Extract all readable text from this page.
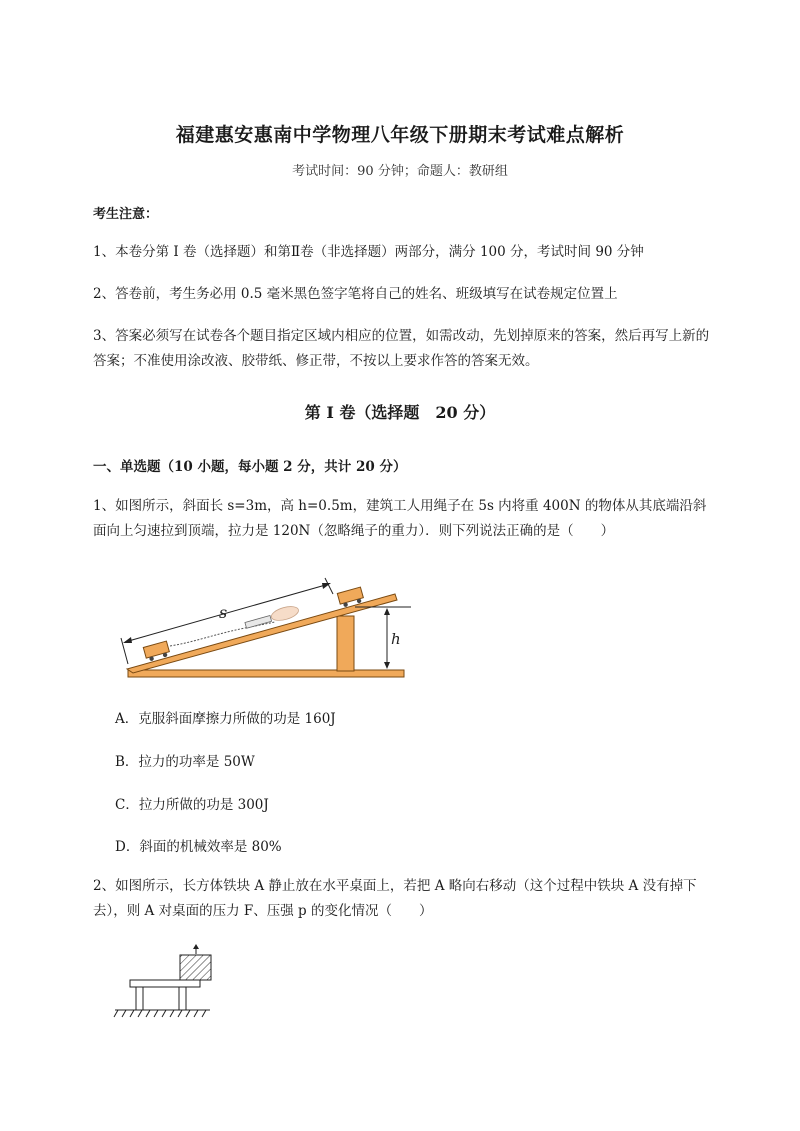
福建惠安惠南中学物理八年级下册期末考试难点解析
考试时间：90 分钟；命题人：教研组
考生注意：
1、本卷分第 I 卷（选择题）和第Ⅱ卷（非选择题）两部分，满分 100 分，考试时间 90 分钟
2、答卷前，考生务必用 0.5 毫米黑色签字笔将自己的姓名、班级填写在试卷规定位置上
3、答案必须写在试卷各个题目指定区域内相应的位置，如需改动，先划掉原来的答案，然后再写上新的答案；不准使用涂改液、胶带纸、修正带，不按以上要求作答的答案无效。
第 I 卷（选择题　20 分）
一、单选题（10 小题，每小题 2 分，共计 20 分）
1、如图所示，斜面长 s=3m，高 h=0.5m，建筑工人用绳子在 5s 内将重 400N 的物体从其底端沿斜面向上匀速拉到顶端，拉力是 120N（忽略绳子的重力）．则下列说法正确的是（　　）
h
s
A．克服斜面摩擦力所做的功是 160J
B．拉力的功率是 50W
C．拉力所做的功是 300J
D．斜面的机械效率是 80%
2、如图所示，长方体铁块 A 静止放在水平桌面上，若把 A 略向右移动（这个过程中铁块 A 没有掉下去），则 A 对桌面的压力 F、压强 p 的变化情况（　　）
